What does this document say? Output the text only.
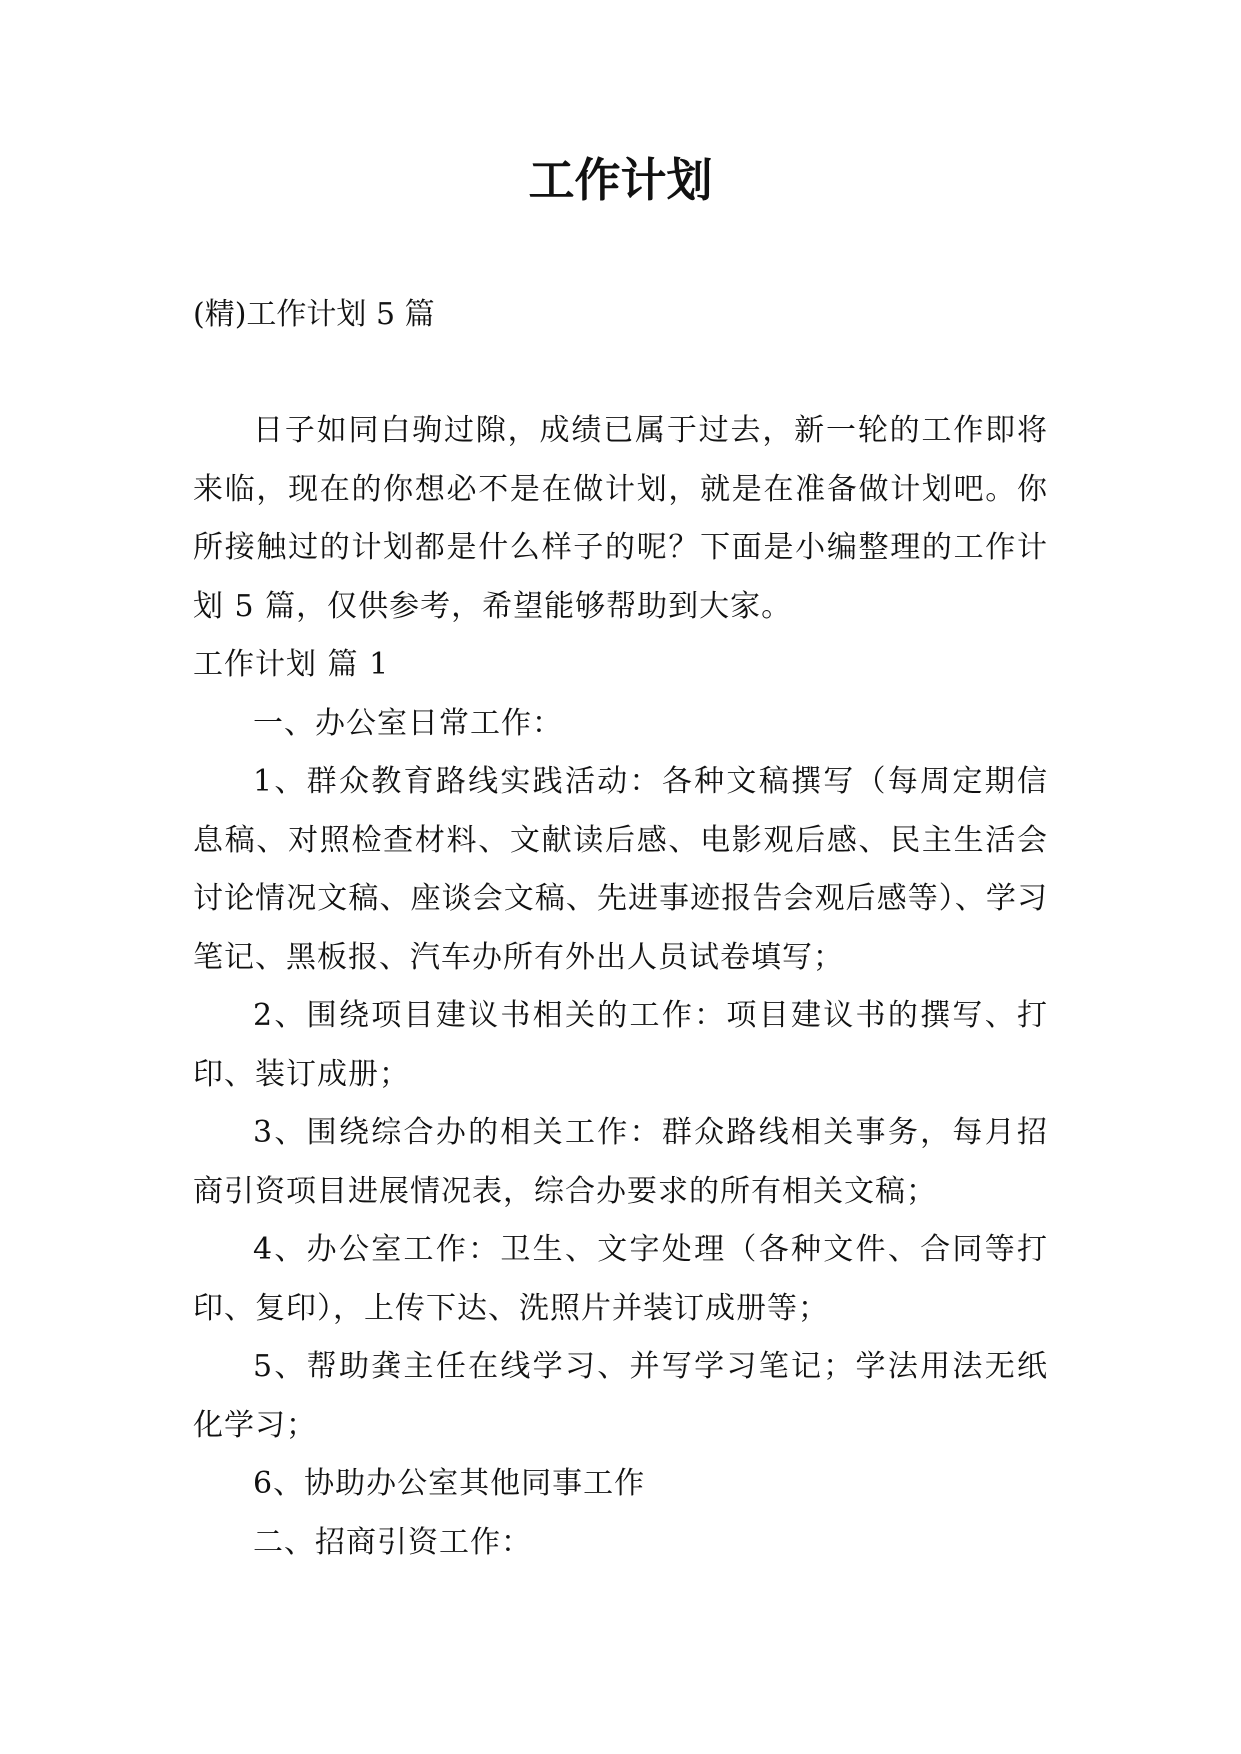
工作计划

(精)工作计划 5 篇

日子如同白驹过隙，成绩已属于过去，新一轮的工作即将来临，现在的你想必不是在做计划，就是在准备做计划吧。你所接触过的计划都是什么样子的呢？下面是小编整理的工作计划 5 篇，仅供参考，希望能够帮助到大家。

工作计划 篇 1

一、办公室日常工作：

1、群众教育路线实践活动：各种文稿撰写（每周定期信息稿、对照检查材料、文献读后感、电影观后感、民主生活会讨论情况文稿、座谈会文稿、先进事迹报告会观后感等）、学习笔记、黑板报、汽车办所有外出人员试卷填写；

2、围绕项目建议书相关的工作：项目建议书的撰写、打印、装订成册；

3、围绕综合办的相关工作：群众路线相关事务，每月招商引资项目进展情况表，综合办要求的所有相关文稿；

4、办公室工作：卫生、文字处理（各种文件、合同等打印、复印），上传下达、洗照片并装订成册等；

5、帮助龚主任在线学习、并写学习笔记；学法用法无纸化学习；

6、协助办公室其他同事工作

二、招商引资工作：
